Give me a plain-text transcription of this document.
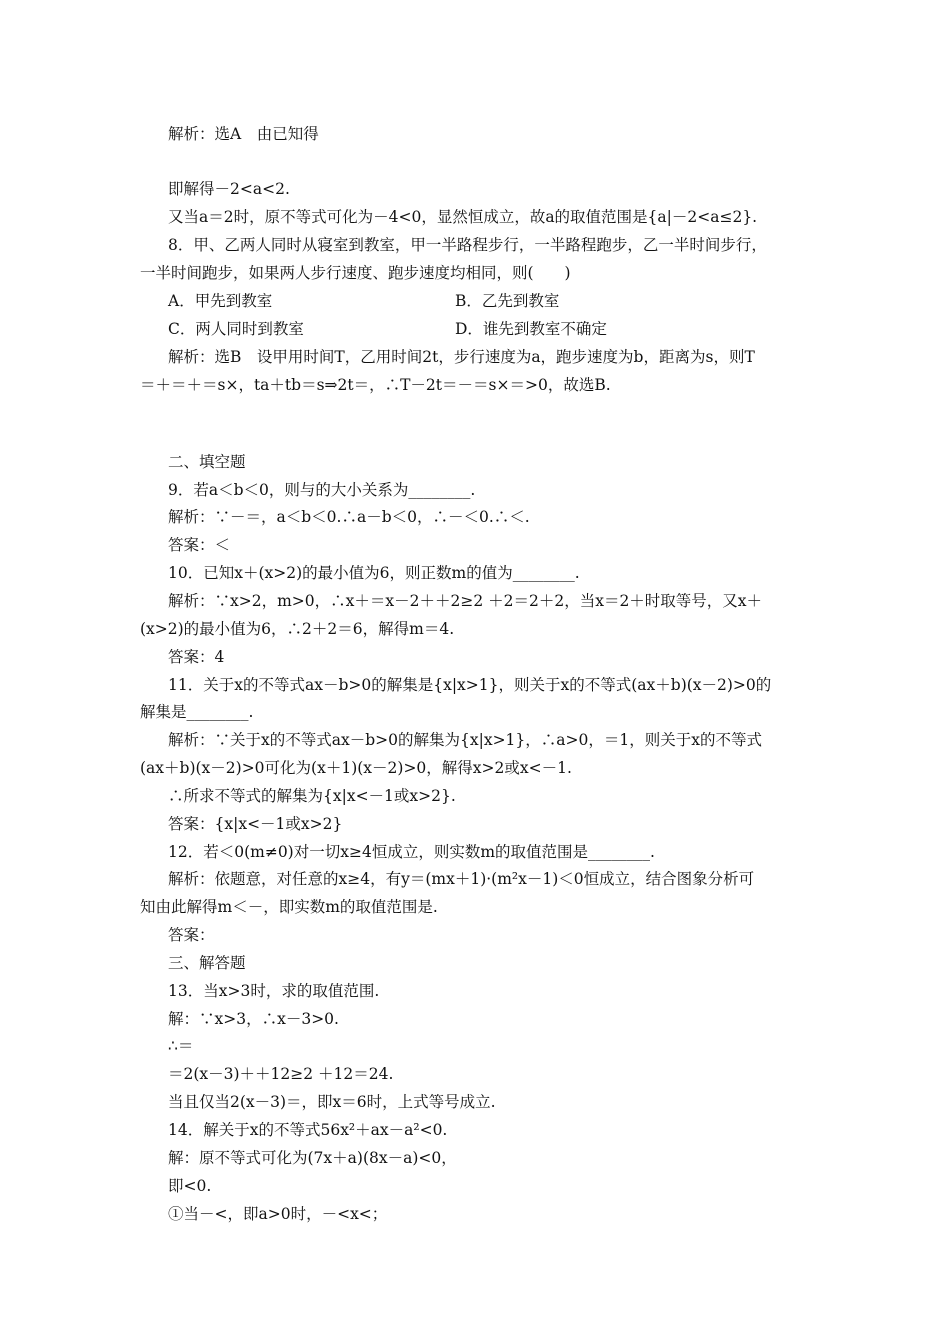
解析：选A　由已知得
即解得－2<a<2.
又当a＝2时，原不等式可化为－4<0，显然恒成立，故a的取值范围是{a|－2<a≤2}.
8．甲、乙两人同时从寝室到教室，甲一半路程步行，一半路程跑步，乙一半时间步行，
一半时间跑步，如果两人步行速度、跑步速度均相同，则(　　)
A．甲先到教室	B．乙先到教室
C．两人同时到教室	D．谁先到教室不确定
解析：选B　设甲用时间T，乙用时间2t，步行速度为a，跑步速度为b，距离为s，则T
＝＋＝＋＝s×，ta＋tb＝s⇒2t＝，∴T－2t＝－＝s×＝>0，故选B.
二、填空题
9．若a＜b＜0，则与的大小关系为________.
解析：∵－＝，a＜b＜0.∴a－b＜0，∴－＜0.∴＜.
答案：＜
10．已知x＋(x>2)的最小值为6，则正数m的值为________.
解析：∵x>2，m>0，∴x＋＝x－2＋＋2≥2 ＋2＝2＋2，当x＝2＋时取等号，又x＋
(x>2)的最小值为6，∴2＋2＝6，解得m＝4.
答案：4
11．关于x的不等式ax－b>0的解集是{x|x>1}，则关于x的不等式(ax＋b)(x－2)>0的
解集是________.
解析：∵关于x的不等式ax－b>0的解集为{x|x>1}，∴a>0，＝1，则关于x的不等式
(ax＋b)(x－2)>0可化为(x＋1)(x－2)>0，解得x>2或x<－1.
∴所求不等式的解集为{x|x<－1或x>2}.
答案：{x|x<－1或x>2}
12．若＜0(m≠0)对一切x≥4恒成立，则实数m的取值范围是________.
解析：依题意，对任意的x≥4，有y＝(mx＋1)·(m²x－1)＜0恒成立，结合图象分析可
知由此解得m＜－，即实数m的取值范围是.
答案：
三、解答题
13．当x>3时，求的取值范围.
解：∵x>3，∴x－3>0.
∴＝
＝2(x－3)＋＋12≥2 ＋12＝24.
当且仅当2(x－3)＝，即x＝6时，上式等号成立.
14．解关于x的不等式56x²＋ax－a²<0.
解：原不等式可化为(7x＋a)(8x－a)<0，
即<0.
①当－<，即a>0时，－<x<；
